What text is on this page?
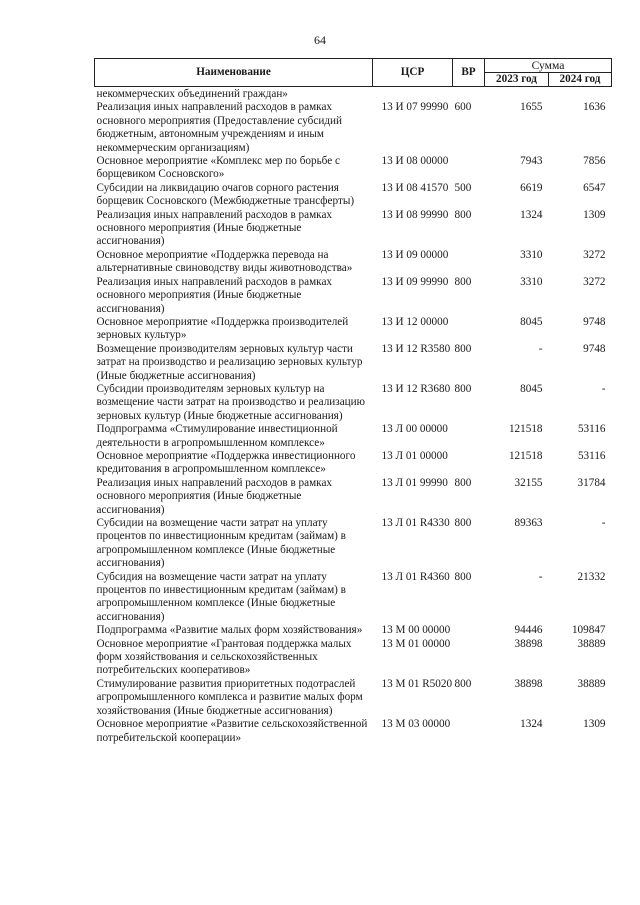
64
Наименование	ЦСР	ВР	Сумма	
			2023 год	2024 год
некоммерческих объединений граждан»				
Реализация иных направлений расходов в рамках основного мероприятия (Предоставление субсидий бюджетным, автономным учреждениям и иным некоммерческим организациям)	13 И 07 99990	600	1655	1636
Основное мероприятие «Комплекс мер по борьбе с борщевиком Сосновского»	13 И 08 00000		7943	7856
Субсидии на ликвидацию очагов сорного растения борщевик Сосновского (Межбюджетные трансферты)	13 И 08 41570	500	6619	6547
Реализация иных направлений расходов в рамках основного мероприятия (Иные бюджетные ассигнования)	13 И 08 99990	800	1324	1309
Основное мероприятие «Поддержка перевода на альтернативные свиноводству виды животноводства»	13 И 09 00000		3310	3272
Реализация иных направлений расходов в рамках основного мероприятия (Иные бюджетные ассигнования)	13 И 09 99990	800	3310	3272
Основное мероприятие «Поддержка производителей зерновых культур»	13 И 12 00000		8045	9748
Возмещение производителям зерновых культур части затрат на производство и реализацию зерновых культур (Иные бюджетные ассигнования)	13 И 12 R3580	800	-	9748
Субсидии производителям зерновых культур на возмещение части затрат на производство и реализацию зерновых культур (Иные бюджетные ассигнования)	13 И 12 R3680	800	8045	-
Подпрограмма «Стимулирование инвестиционной деятельности в агропромышленном комплексе»	13 Л 00 00000		121518	53116
Основное мероприятие «Поддержка инвестиционного кредитования в агропромышленном комплексе»	13 Л 01 00000		121518	53116
Реализация иных направлений расходов в рамках основного мероприятия (Иные бюджетные ассигнования)	13 Л 01 99990	800	32155	31784
Субсидии на возмещение части затрат на уплату процентов по инвестиционным кредитам (займам) в агропромышленном комплексе (Иные бюджетные ассигнования)	13 Л 01 R4330	800	89363	-
Субсидия на возмещение части затрат на уплату процентов по инвестиционным кредитам (займам) в агропромышленном комплексе (Иные бюджетные ассигнования)	13 Л 01 R4360	800	-	21332
Подпрограмма «Развитие малых форм хозяйствования»	13 М 00 00000		94446	109847
Основное мероприятие «Грантовая поддержка малых форм хозяйствования и сельскохозяйственных потребительских кооперативов»	13 М 01 00000		38898	38889
Стимулирование развития приоритетных подотраслей агропромышленного комплекса и развитие малых форм хозяйствования (Иные бюджетные ассигнования)	13 М 01 R5020	800	38898	38889
Основное мероприятие «Развитие сельскохозяйственной потребительской кооперации»	13 М 03 00000		1324	1309
